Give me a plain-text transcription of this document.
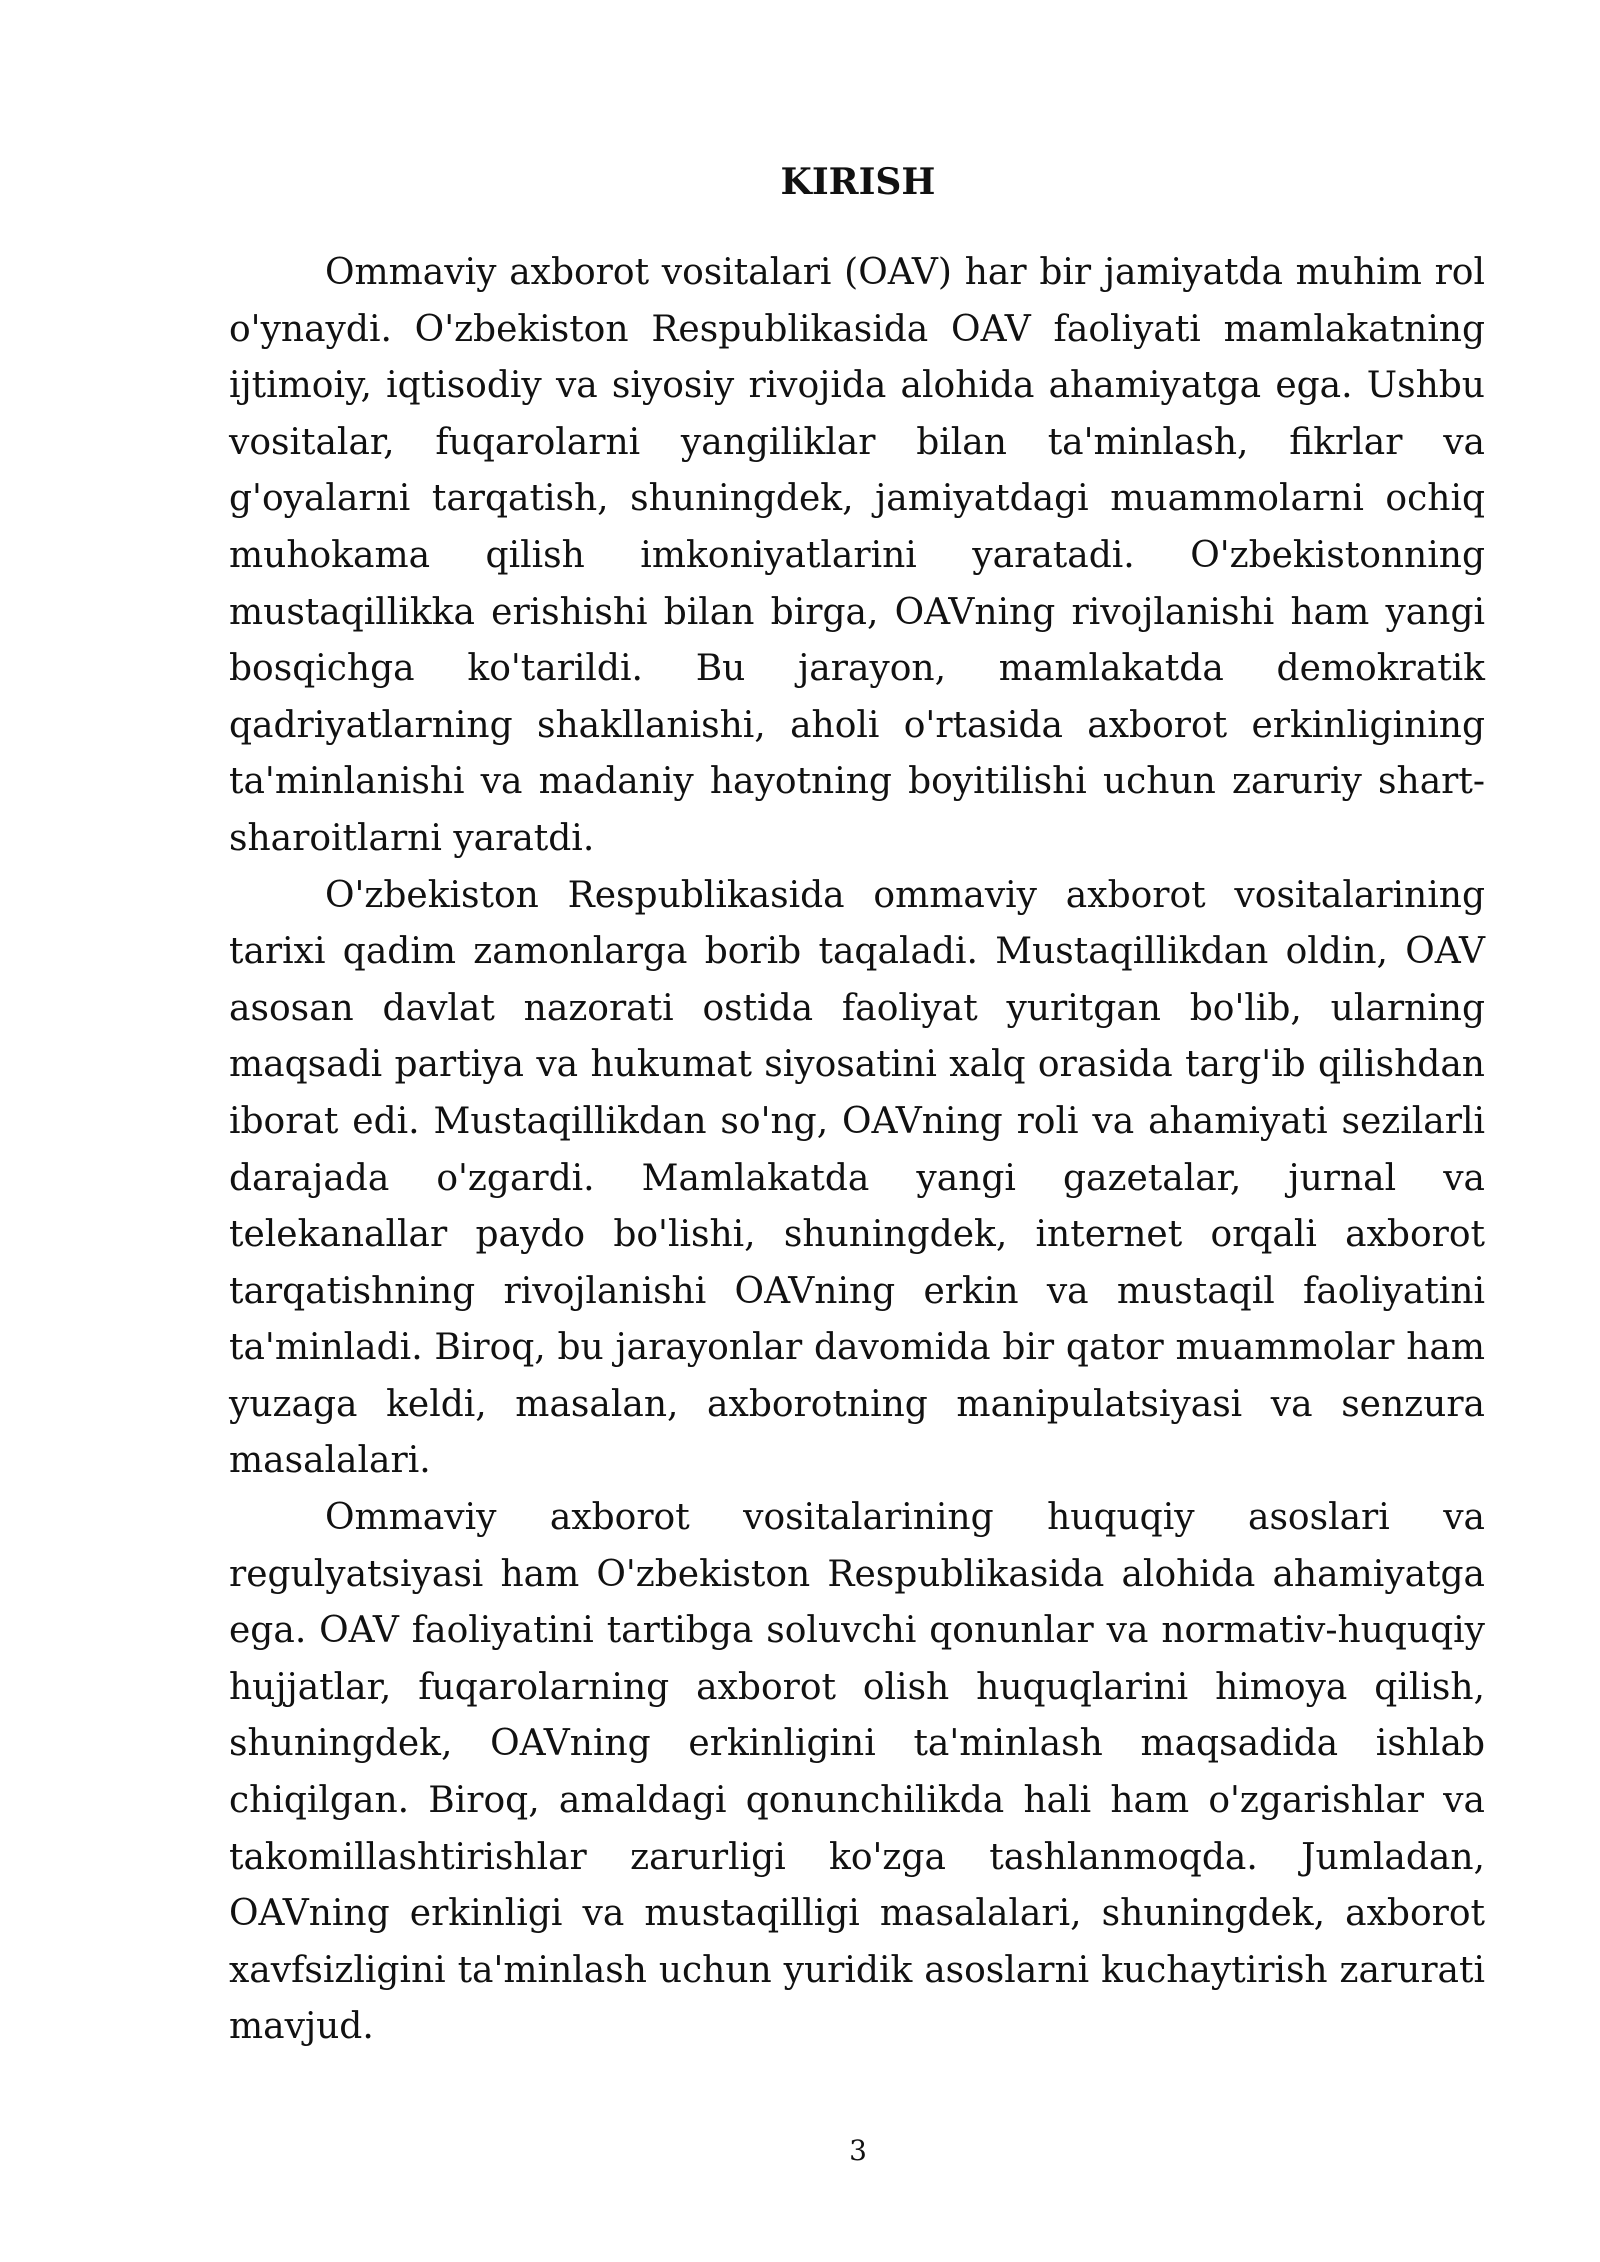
KIRISH

Ommaviy axborot vositalari (OAV) har bir jamiyatda muhim rol o'ynaydi. O'zbekiston Respublikasida OAV faoliyati mamlakatning ijtimoiy, iqtisodiy va siyosiy rivojida alohida ahamiyatga ega. Ushbu vositalar, fuqarolarni yangiliklar bilan ta'minlash, fikrlar va g'oyalarni tarqatish, shuningdek, jamiyatdagi muammolarni ochiq muhokama qilish imkoniyatlarini yaratadi. O'zbekistonning mustaqillikka erishishi bilan birga, OAVning rivojlanishi ham yangi bosqichga ko'tarildi. Bu jarayon, mamlakatda demokratik qadriyatlarning shakllanishi, aholi o'rtasida axborot erkinligining ta'minlanishi va madaniy hayotning boyitilishi uchun zaruriy shart-sharoitlarni yaratdi.

O'zbekiston Respublikasida ommaviy axborot vositalarining tarixi qadim zamonlarga borib taqaladi. Mustaqillikdan oldin, OAV asosan davlat nazorati ostida faoliyat yuritgan bo'lib, ularning maqsadi partiya va hukumat siyosatini xalq orasida targ'ib qilishdan iborat edi. Mustaqillikdan so'ng, OAVning roli va ahamiyati sezilarli darajada o'zgardi. Mamlakatda yangi gazetalar, jurnal va telekanallar paydo bo'lishi, shuningdek, internet orqali axborot tarqatishning rivojlanishi OAVning erkin va mustaqil faoliyatini ta'minladi. Biroq, bu jarayonlar davomida bir qator muammolar ham yuzaga keldi, masalan, axborotning manipulatsiyasi va senzura masalalari.

Ommaviy axborot vositalarining huquqiy asoslari va regulyatsiyasi ham O'zbekiston Respublikasida alohida ahamiyatga ega. OAV faoliyatini tartibga soluvchi qonunlar va normativ-huquqiy hujjatlar, fuqarolarning axborot olish huquqlarini himoya qilish, shuningdek, OAVning erkinligini ta'minlash maqsadida ishlab chiqilgan. Biroq, amaldagi qonunchilikda hali ham o'zgarishlar va takomillashtirishlar zarurligi ko'zga tashlanmoqda. Jumladan, OAVning erkinligi va mustaqilligi masalalari, shuningdek, axborot xavfsizligini ta'minlash uchun yuridik asoslarni kuchaytirish zarurati mavjud.

3
